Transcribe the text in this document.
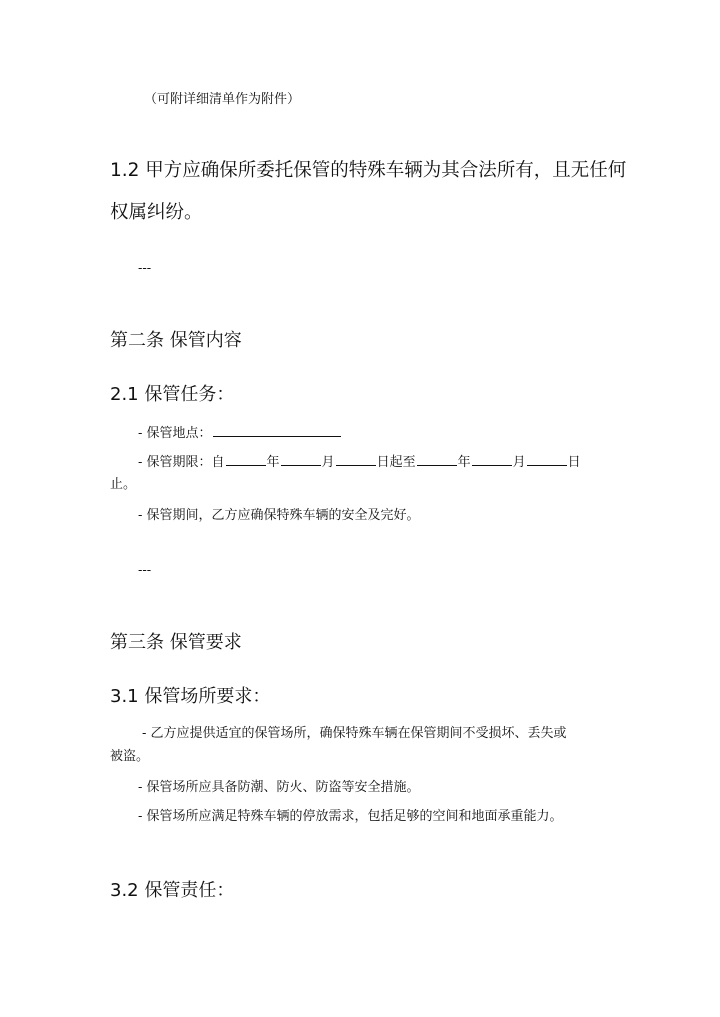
（可附详细清单作为附件）
1.2 甲方应确保所委托保管的特殊车辆为其合法所有，且无任何
权属纠纷。
---
第二条 保管内容
2.1 保管任务：
- 保管地点：
- 保管期限：自	年	月	日起至	年	月	日
止。
- 保管期间，乙方应确保特殊车辆的安全及完好。
---
第三条 保管要求
3.1 保管场所要求：
- 乙方应提供适宜的保管场所，确保特殊车辆在保管期间不受损坏、丢失或
被盗。
- 保管场所应具备防潮、防火、防盗等安全措施。
- 保管场所应满足特殊车辆的停放需求，包括足够的空间和地面承重能力。
3.2 保管责任：
